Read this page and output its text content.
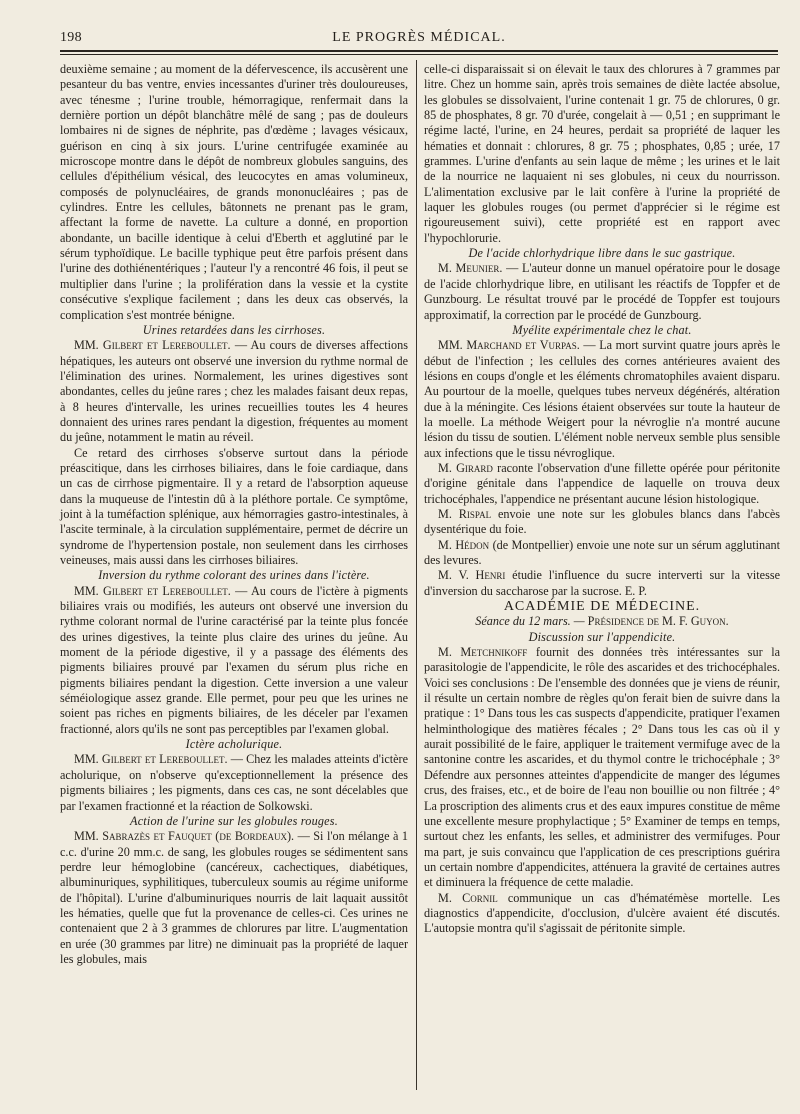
198	LE PROGRÈS MÉDICAL.

deuxième semaine ; au moment de la défervescence, ils accusèrent une pesanteur du bas ventre, envies incessantes d'uriner très douloureuses, avec ténesme ; l'urine trouble, hémorragique, renfermait dans la dernière portion un dépôt blanchâtre mêlé de sang ; pas de douleurs lombaires ni de signes de néphrite, pas d'œdème ; lavages vésicaux, guérison en cinq à six jours. L'urine centrifugée examinée au microscope montre dans le dépôt de nombreux globules sanguins, des cellules d'épithélium vésical, des leucocytes en amas volumineux, composés de polynucléaires, de grands mononucléaires ; pas de cylindres. Entre les cellules, bâtonnets ne prenant pas le gram, affectant la forme de navette. La culture a donné, en proportion abondante, un bacille identique à celui d'Eberth et agglutiné par le sérum typhoïdique. Le bacille typhique peut être parfois présent dans l'urine des dothiénentériques ; l'auteur l'y a rencontré 46 fois, il peut se multiplier dans l'urine ; la prolifération dans la vessie et la cystite consécutive s'explique facilement ; dans les deux cas observés, la complication s'est montrée bénigne.

Urines retardées dans les cirrhoses.

MM. Gilbert et Lereboullet. — Au cours de diverses affections hépatiques, les auteurs ont observé une inversion du rythme normal de l'élimination des urines. Normalement, les urines digestives sont abondantes, celles du jeûne rares ; chez les malades faisant deux repas, à 8 heures d'intervalle, les urines recueillies toutes les 4 heures donnaient des urines rares pendant la digestion, fréquentes au moment du jeûne, notamment le matin au réveil.

Ce retard des cirrhoses s'observe surtout dans la période préascitique, dans les cirrhoses biliaires, dans le foie cardiaque, dans un cas de cirrhose pigmentaire. Il y a retard de l'absorption aqueuse dans la muqueuse de l'intestin dû à la pléthore portale. Ce symptôme, joint à la tuméfaction splénique, aux hémorragies gastro-intestinales, à l'ascite terminale, à la circulation supplémentaire, permet de décrire un syndrome de l'hypertension postale, non seulement dans les cirrhoses veineuses, mais aussi dans les cirrhoses biliaires.

Inversion du rythme colorant des urines dans l'ictère.

MM. Gilbert et Lereboullet. — Au cours de l'ictère à pigments biliaires vrais ou modifiés, les auteurs ont observé une inversion du rythme colorant normal de l'urine caractérisé par la teinte plus foncée des urines digestives, la teinte plus claire des urines du jeûne. Au moment de la période digestive, il y a passage des éléments des pigments biliaires prouvé par l'examen du sérum plus riche en pigments biliaires pendant la digestion. Cette inversion a une valeur séméiologique assez grande. Elle permet, pour peu que les urines ne soient pas riches en pigments biliaires, de les déceler par l'examen fractionné, alors qu'ils ne sont pas perceptibles par l'examen global.

Ictère acholurique.

MM. Gilbert et Lereboullet. — Chez les malades atteints d'ictère acholurique, on n'observe qu'exceptionnellement la présence des pigments biliaires ; les pigments, dans ces cas, ne sont décelables que par l'examen fractionné et la réaction de Solkowski.

Action de l'urine sur les globules rouges.

MM. Sabrazès et Fauquet (de Bordeaux). — Si l'on mélange à 1 c.c. d'urine 20 mm.c. de sang, les globules rouges se sédimentent sans perdre leur hémoglobine (cancéreux, cachectiques, diabétiques, albuminuriques, syphilitiques, tuberculeux soumis au régime uniforme de l'hôpital). L'urine d'albuminuriques nourris de lait laquait aussitôt les hématies, quelle que fut la provenance de celles-ci. Ces urines ne contenaient que 2 à 3 grammes de chlorures par litre. L'augmentation en urée (30 grammes par litre) ne diminuait pas la propriété de laquer les globules, mais

celle-ci disparaissait si on élevait le taux des chlorures à 7 grammes par litre. Chez un homme sain, après trois semaines de diète lactée absolue, les globules se dissolvaient, l'urine contenait 1 gr. 75 de chlorures, 0 gr. 85 de phosphates, 8 gr. 70 d'urée, congelait à — 0,51 ; en supprimant le régime lacté, l'urine, en 24 heures, perdait sa propriété de laquer les hématies et donnait : chlorures, 8 gr. 75 ; phosphates, 0,85 ; urée, 17 grammes. L'urine d'enfants au sein laque de même ; les urines et le lait de la nourrice ne laquaient ni ses globules, ni ceux du nourrisson. L'alimentation exclusive par le lait confère à l'urine la propriété de laquer les globules rouges (ou permet d'apprécier si le régime est rigoureusement suivi), cette propriété est en rapport avec l'hypochlorurie.

De l'acide chlorhydrique libre dans le suc gastrique.

M. Meunier. — L'auteur donne un manuel opératoire pour le dosage de l'acide chlorhydrique libre, en utilisant les réactifs de Toppfer et de Gunzbourg. Le résultat trouvé par le procédé de Toppfer est toujours approximatif, la correction par le procédé de Gunzbourg.

Myélite expérimentale chez le chat.

MM. Marchand et Vurpas. — La mort survint quatre jours après le début de l'infection ; les cellules des cornes antérieures avaient des lésions en coups d'ongle et les éléments chromatophiles avaient disparu. Au pourtour de la moelle, quelques tubes nerveux dégénérés, altération due à la méningite. Ces lésions étaient observées sur toute la hauteur de la moelle. La méthode Weigert pour la névroglie n'a montré aucune lésion du tissu de soutien. L'élément noble nerveux semble plus sensible aux infections que le tissu névroglique.

M. Girard raconte l'observation d'une fillette opérée pour péritonite d'origine génitale dans l'appendice de laquelle on trouva deux trichocéphales, l'appendice ne présentant aucune lésion histologique.

M. Rispal envoie une note sur les globules blancs dans l'abcès dysentérique du foie.

M. Hédon (de Montpellier) envoie une note sur un sérum agglutinant des levures.

M. V. Henri étudie l'influence du sucre interverti sur la vitesse d'inversion du saccharose par la sucrose. E. P.

ACADÉMIE DE MÉDECINE.

Séance du 12 mars. — Présidence de M. F. Guyon.

Discussion sur l'appendicite.

M. Metchnikoff fournit des données très intéressantes sur la parasitologie de l'appendicite, le rôle des ascarides et des trichocéphales. Voici ses conclusions : De l'ensemble des données que je viens de réunir, il résulte un certain nombre de règles qu'on ferait bien de suivre dans la pratique : 1° Dans tous les cas suspects d'appendicite, pratiquer l'examen helminthologique des matières fécales ; 2° Dans tous les cas où il y aurait possibilité de le faire, appliquer le traitement vermifuge avec de la santonine contre les ascarides, et du thymol contre le trichocéphale ; 3° Défendre aux personnes atteintes d'appendicite de manger des légumes crus, des fraises, etc., et de boire de l'eau non bouillie ou non filtrée ; 4° La proscription des aliments crus et des eaux impures constitue de même une excellente mesure prophylactique ; 5° Examiner de temps en temps, surtout chez les enfants, les selles, et administrer des vermifuges. Pour ma part, je suis convaincu que l'application de ces prescriptions guérira un certain nombre d'appendicites, atténuera la gravité de certaines autres et diminuera la fréquence de cette maladie.

M. Cornil communique un cas d'hématémèse mortelle. Les diagnostics d'appendicite, d'occlusion, d'ulcère avaient été discutés. L'autopsie montra qu'il s'agissait de péritonite simple.
